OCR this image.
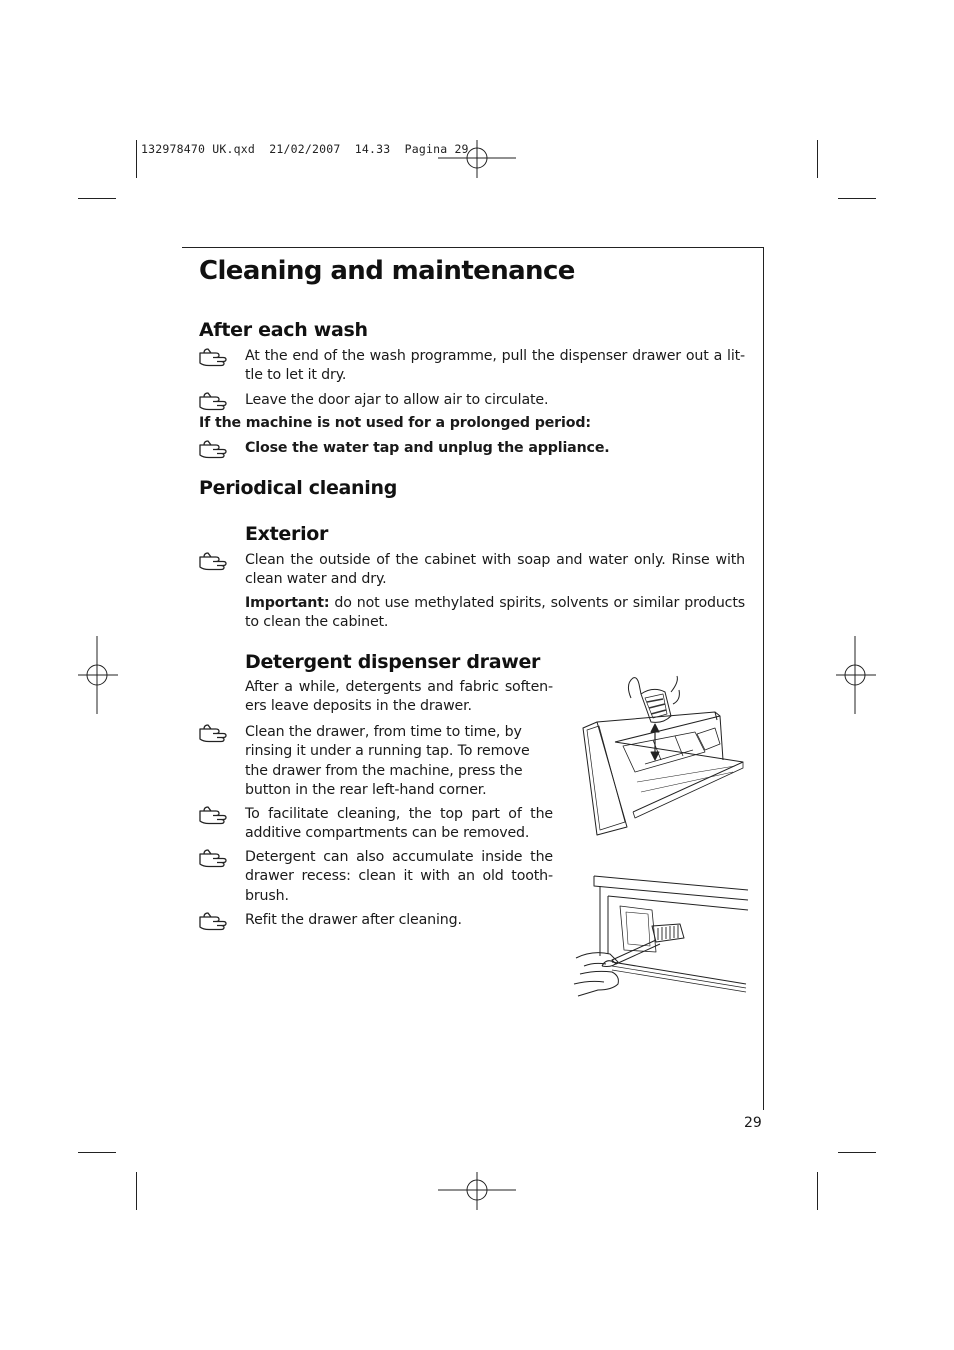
132978470 UK.qxd  21/02/2007  14.33  Pagina 29
Cleaning and maintenance
After each wash

At the end of the wash programme, pull the dispenser drawer out a lit-tle to let it dry.

Leave the door ajar to allow air to circulate.

If the machine is not used for a prolonged period:

Close the water tap and unplug the appliance.

Periodical cleaning
Exterior

Clean the outside of the cabinet with soap and water only. Rinse with clean water and dry.

Important: do not use methylated spirits, solvents or similar products to clean the cabinet.

Detergent dispenser drawer

After a while, detergents and fabric soften-ers leave deposits in the drawer.

Clean the drawer, from time to time, by rinsing it under a running tap. To remove the drawer from the machine, press the button in the rear left-hand corner.

To facilitate cleaning, the top part of the additive compartments can be removed.

Detergent can also accumulate inside the drawer recess: clean it with an old tooth-brush.

Refit the drawer after cleaning.

29
